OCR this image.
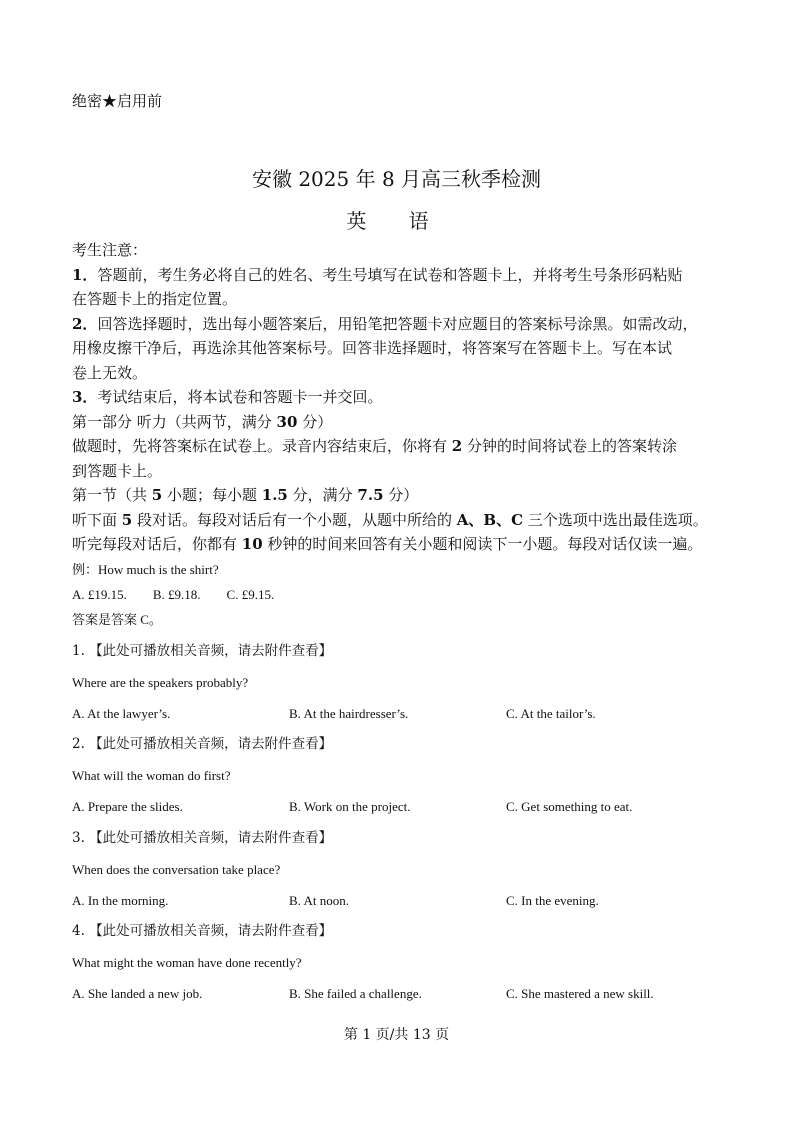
绝密★启用前
安徽 2025 年 8 月高三秋季检测
英 语
考生注意：
1．答题前，考生务必将自己的姓名、考生号填写在试卷和答题卡上，并将考生号条形码粘贴
在答题卡上的指定位置。
2．回答选择题时，选出每小题答案后，用铅笔把答题卡对应题目的答案标号涂黑。如需改动，
用橡皮擦干净后，再选涂其他答案标号。回答非选择题时，将答案写在答题卡上。写在本试
卷上无效。
3．考试结束后，将本试卷和答题卡一并交回。
第一部分 听力（共两节，满分 30 分）
做题时，先将答案标在试卷上。录音内容结束后，你将有 2 分钟的时间将试卷上的答案转涂
到答题卡上。
第一节（共 5 小题；每小题 1.5 分，满分 7.5 分）
听下面 5 段对话。每段对话后有一个小题，从题中所给的 A、B、C 三个选项中选出最佳选项。
听完每段对话后，你都有 10 秒钟的时间来回答有关小题和阅读下一小题。每段对话仅读一遍。
例：How much is the shirt?
A. £19.15.        B. £9.18.        C. £9.15.
答案是答案 C。
1. 【此处可播放相关音频，请去附件查看】
Where are the speakers probably?
A. At the lawyer’s.	B. At the hairdresser’s.	C. At the tailor’s.
2. 【此处可播放相关音频，请去附件查看】
What will the woman do first?
A. Prepare the slides.	B. Work on the project.	C. Get something to eat.
3. 【此处可播放相关音频，请去附件查看】
When does the conversation take place?
A. In the morning.	B. At noon.	C. In the evening.
4. 【此处可播放相关音频，请去附件查看】
What might the woman have done recently?
A. She landed a new job.	B. She failed a challenge.	C. She mastered a new skill.
第 1 页/共 13 页
